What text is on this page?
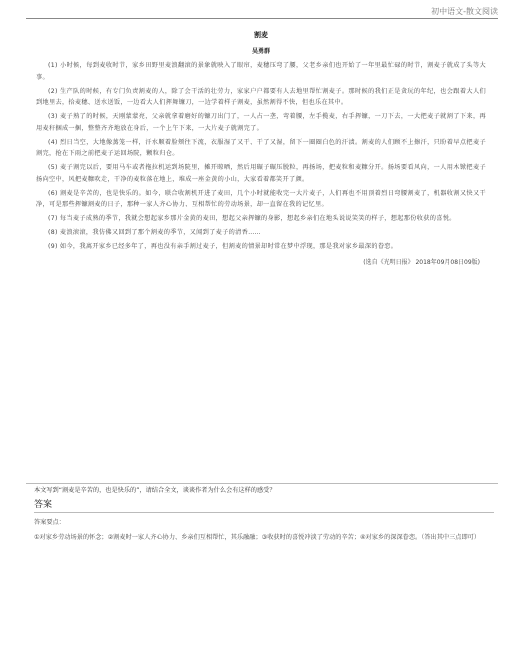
初中语文-散文阅读
割麦
吴勇群

(1) 小时候，每到麦收时节，家乡田野里麦浪翻滚的景象就映入了眼帘，麦穗压弯了腰，父老乡亲们也开始了一年里最忙碌的时节，割麦子就成了头等大事。

(2) 生产队的时候，有专门负责割麦的人，除了会干活的壮劳力，家家户户都要有人去地里帮忙割麦子。那时候的我们正是贪玩的年纪，也会跟着大人们到地里去，拾麦穗、送水送饭，一边看大人们挥舞镰刀，一边学着样子割麦，虽然割得不快，但也乐在其中。

(3) 麦子熟了的时候，天刚蒙蒙亮，父亲就拿着磨好的镰刀出门了，一人占一垄，弯着腰，左手揽麦，右手挥镰，一刀下去，一大把麦子就割了下来，再用麦秆捆成一捆，整整齐齐地放在身后，一个上午下来，一大片麦子就割完了。

(4) 烈日当空，大地像蒸笼一样，汗水顺着脸颊往下流，衣服湿了又干、干了又湿，留下一圈圈白色的汗渍。割麦的人们顾不上擦汗，只盼着早点把麦子割完，抢在下雨之前把麦子运回场院，颗粒归仓。

(5) 麦子割完以后，要用马车或者拖拉机运到场院里，摊开晾晒，然后用碾子碾压脱粒，再扬场，把麦粒和麦糠分开。扬场要看风向，一人用木锨把麦子扬向空中，风把麦糠吹走，干净的麦粒落在地上，堆成一座金黄的小山，大家看着都笑开了颜。

(6) 割麦是辛苦的，也是快乐的。如今，联合收割机开进了麦田，几个小时就能收完一大片麦子，人们再也不用顶着烈日弯腰割麦了，机器收割又快又干净，可是那些挥镰割麦的日子，那种一家人齐心协力、互相帮忙的劳动场景，却一直留在我的记忆里。

(7) 每当麦子成熟的季节，我就会想起家乡那片金黄的麦田，想起父亲挥镰的身影，想起乡亲们在地头说说笑笑的样子，想起那份收获的喜悦。

(8) 麦浪滚滚，我仿佛又回到了那个割麦的季节，又闻到了麦子的清香……

(9) 如今，我离开家乡已经多年了，再也没有亲手割过麦子，但割麦的情景却时常在梦中浮现，那是我对家乡最深的眷恋。

(选自《光明日报》 2018年09月08日09版)

本文写到“割麦是辛苦的，也是快乐的”，请结合全文，谈谈作者为什么会有这样的感受？

答案

答案要点：

①对家乡劳动场景的怀念；②割麦时一家人齐心协力、乡亲们互相帮忙，其乐融融；③收获时的喜悦冲淡了劳动的辛苦；④对家乡的深深眷恋。（答出其中三点即可）
